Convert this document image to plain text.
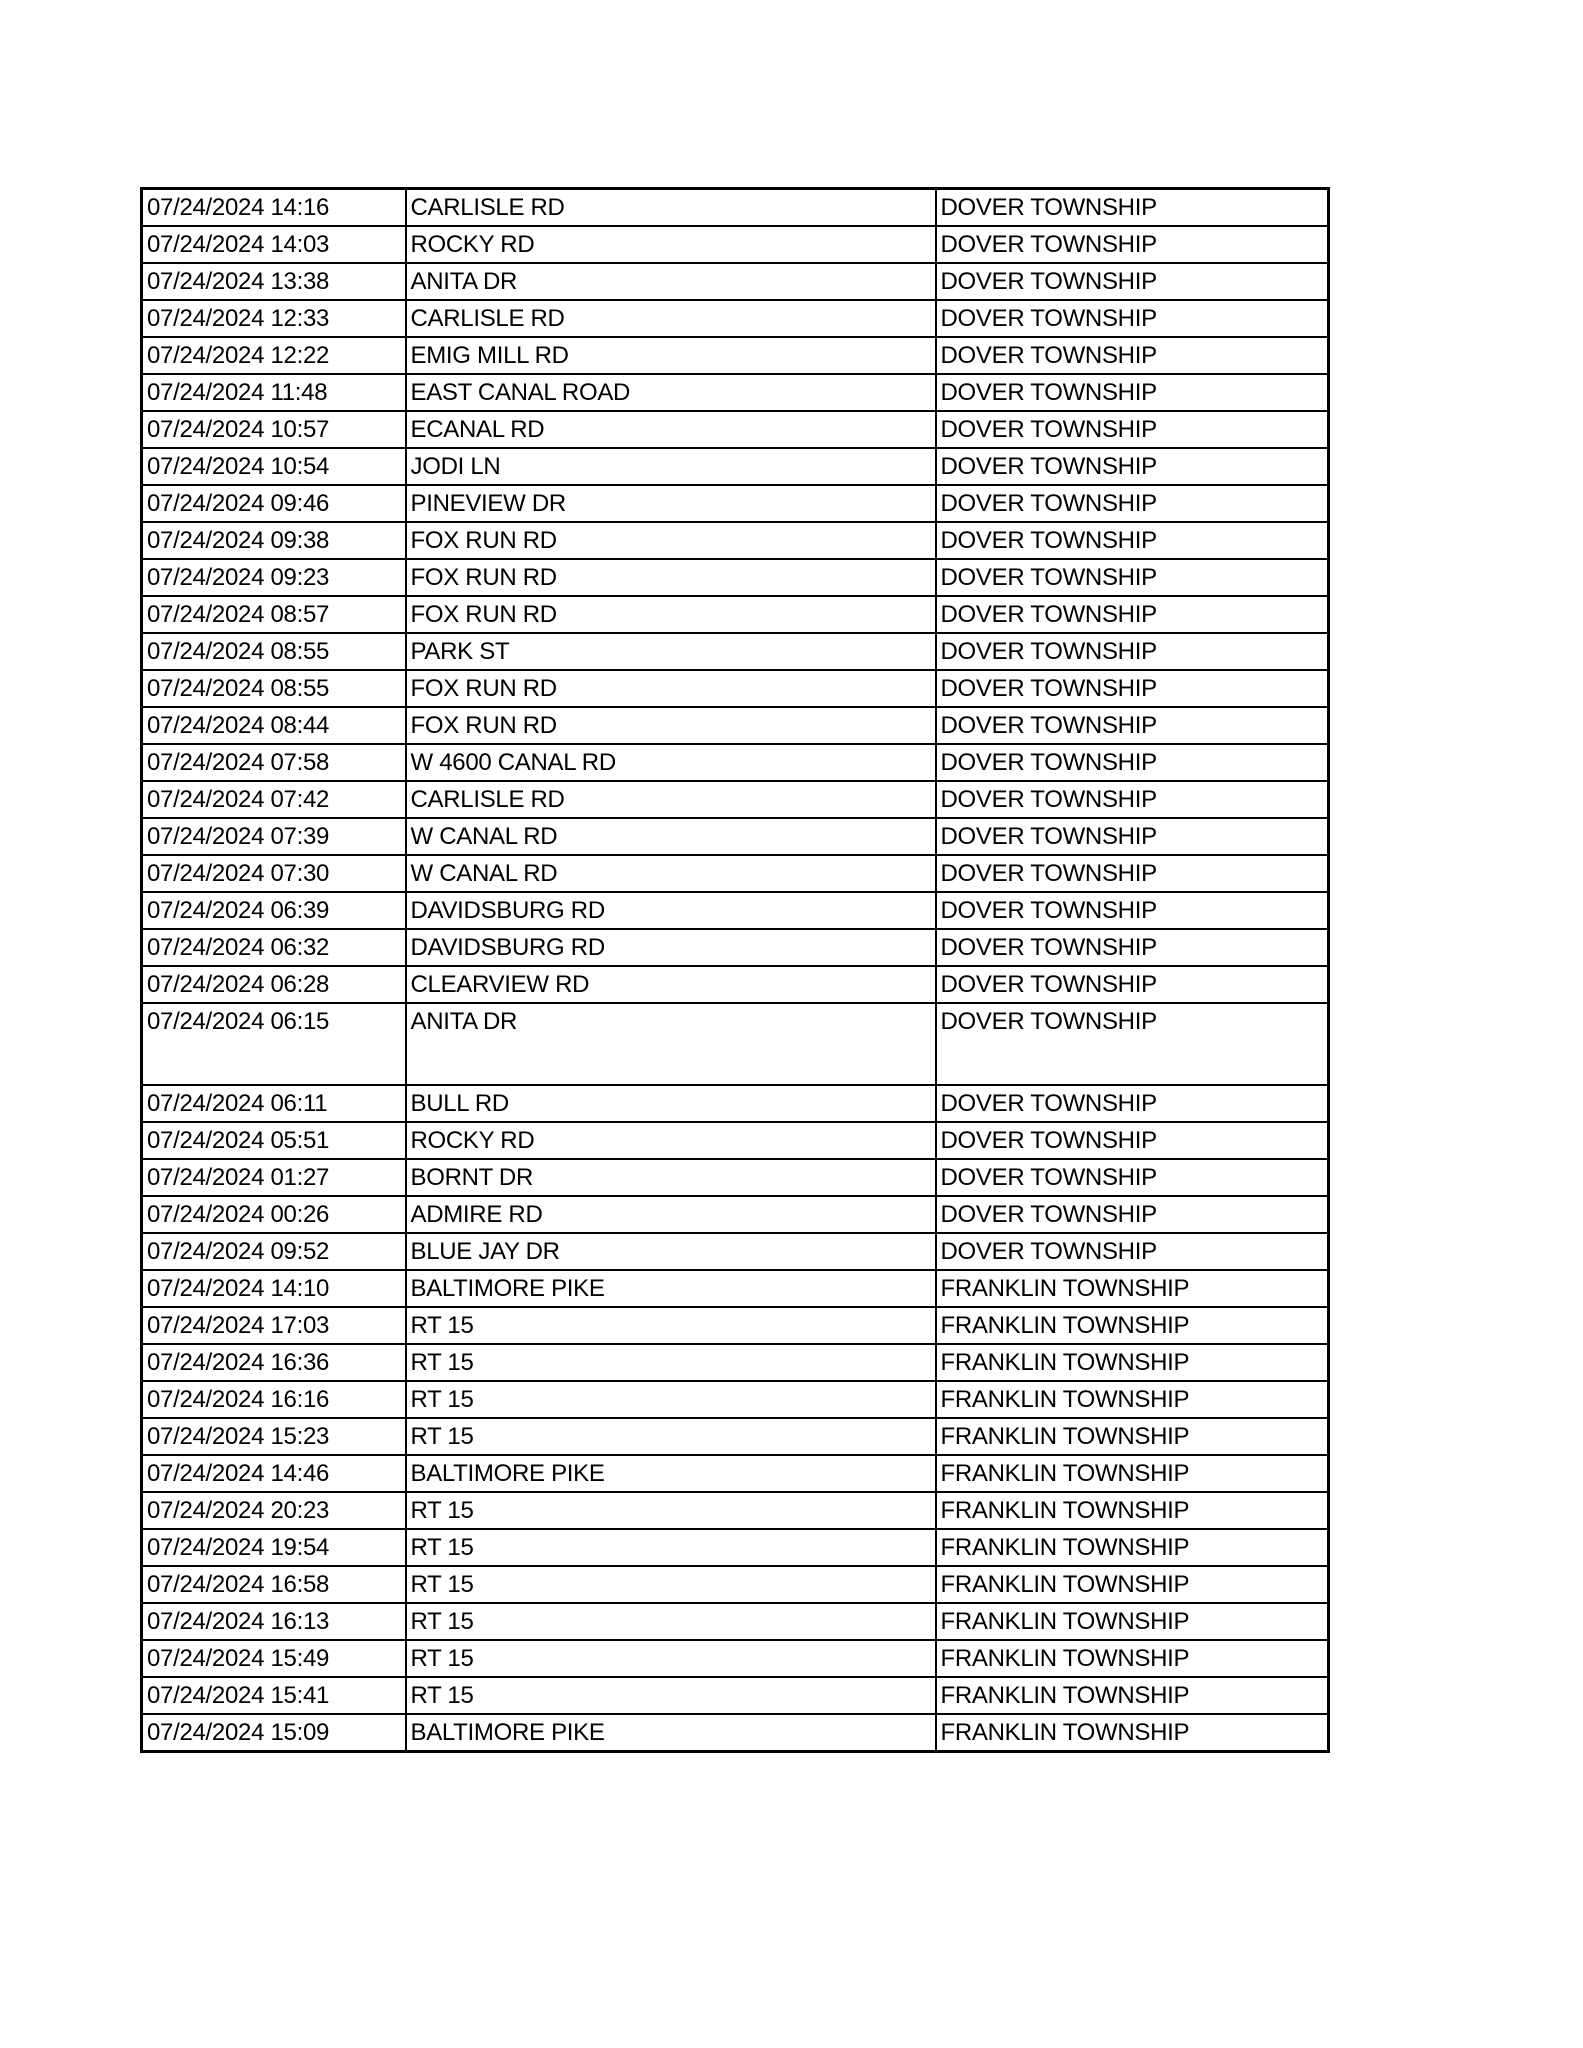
07/24/2024 14:16	CARLISLE RD	DOVER TOWNSHIP
07/24/2024 14:03	ROCKY RD	DOVER TOWNSHIP
07/24/2024 13:38	ANITA DR	DOVER TOWNSHIP
07/24/2024 12:33	CARLISLE RD	DOVER TOWNSHIP
07/24/2024 12:22	EMIG MILL RD	DOVER TOWNSHIP
07/24/2024 11:48	EAST CANAL ROAD	DOVER TOWNSHIP
07/24/2024 10:57	ECANAL RD	DOVER TOWNSHIP
07/24/2024 10:54	JODI LN	DOVER TOWNSHIP
07/24/2024 09:46	PINEVIEW DR	DOVER TOWNSHIP
07/24/2024 09:38	FOX RUN RD	DOVER TOWNSHIP
07/24/2024 09:23	FOX RUN RD	DOVER TOWNSHIP
07/24/2024 08:57	FOX RUN RD	DOVER TOWNSHIP
07/24/2024 08:55	PARK ST	DOVER TOWNSHIP
07/24/2024 08:55	FOX RUN RD	DOVER TOWNSHIP
07/24/2024 08:44	FOX RUN RD	DOVER TOWNSHIP
07/24/2024 07:58	W 4600 CANAL RD	DOVER TOWNSHIP
07/24/2024 07:42	CARLISLE RD	DOVER TOWNSHIP
07/24/2024 07:39	W CANAL RD	DOVER TOWNSHIP
07/24/2024 07:30	W CANAL RD	DOVER TOWNSHIP
07/24/2024 06:39	DAVIDSBURG RD	DOVER TOWNSHIP
07/24/2024 06:32	DAVIDSBURG RD	DOVER TOWNSHIP
07/24/2024 06:28	CLEARVIEW RD	DOVER TOWNSHIP
07/24/2024 06:15	ANITA DR	DOVER TOWNSHIP
07/24/2024 06:11	BULL RD	DOVER TOWNSHIP
07/24/2024 05:51	ROCKY RD	DOVER TOWNSHIP
07/24/2024 01:27	BORNT DR	DOVER TOWNSHIP
07/24/2024 00:26	ADMIRE RD	DOVER TOWNSHIP
07/24/2024 09:52	BLUE JAY DR	DOVER TOWNSHIP
07/24/2024 14:10	BALTIMORE PIKE	FRANKLIN TOWNSHIP
07/24/2024 17:03	RT 15	FRANKLIN TOWNSHIP
07/24/2024 16:36	RT 15	FRANKLIN TOWNSHIP
07/24/2024 16:16	RT 15	FRANKLIN TOWNSHIP
07/24/2024 15:23	RT 15	FRANKLIN TOWNSHIP
07/24/2024 14:46	BALTIMORE PIKE	FRANKLIN TOWNSHIP
07/24/2024 20:23	RT 15	FRANKLIN TOWNSHIP
07/24/2024 19:54	RT 15	FRANKLIN TOWNSHIP
07/24/2024 16:58	RT 15	FRANKLIN TOWNSHIP
07/24/2024 16:13	RT 15	FRANKLIN TOWNSHIP
07/24/2024 15:49	RT 15	FRANKLIN TOWNSHIP
07/24/2024 15:41	RT 15	FRANKLIN TOWNSHIP
07/24/2024 15:09	BALTIMORE PIKE	FRANKLIN TOWNSHIP
